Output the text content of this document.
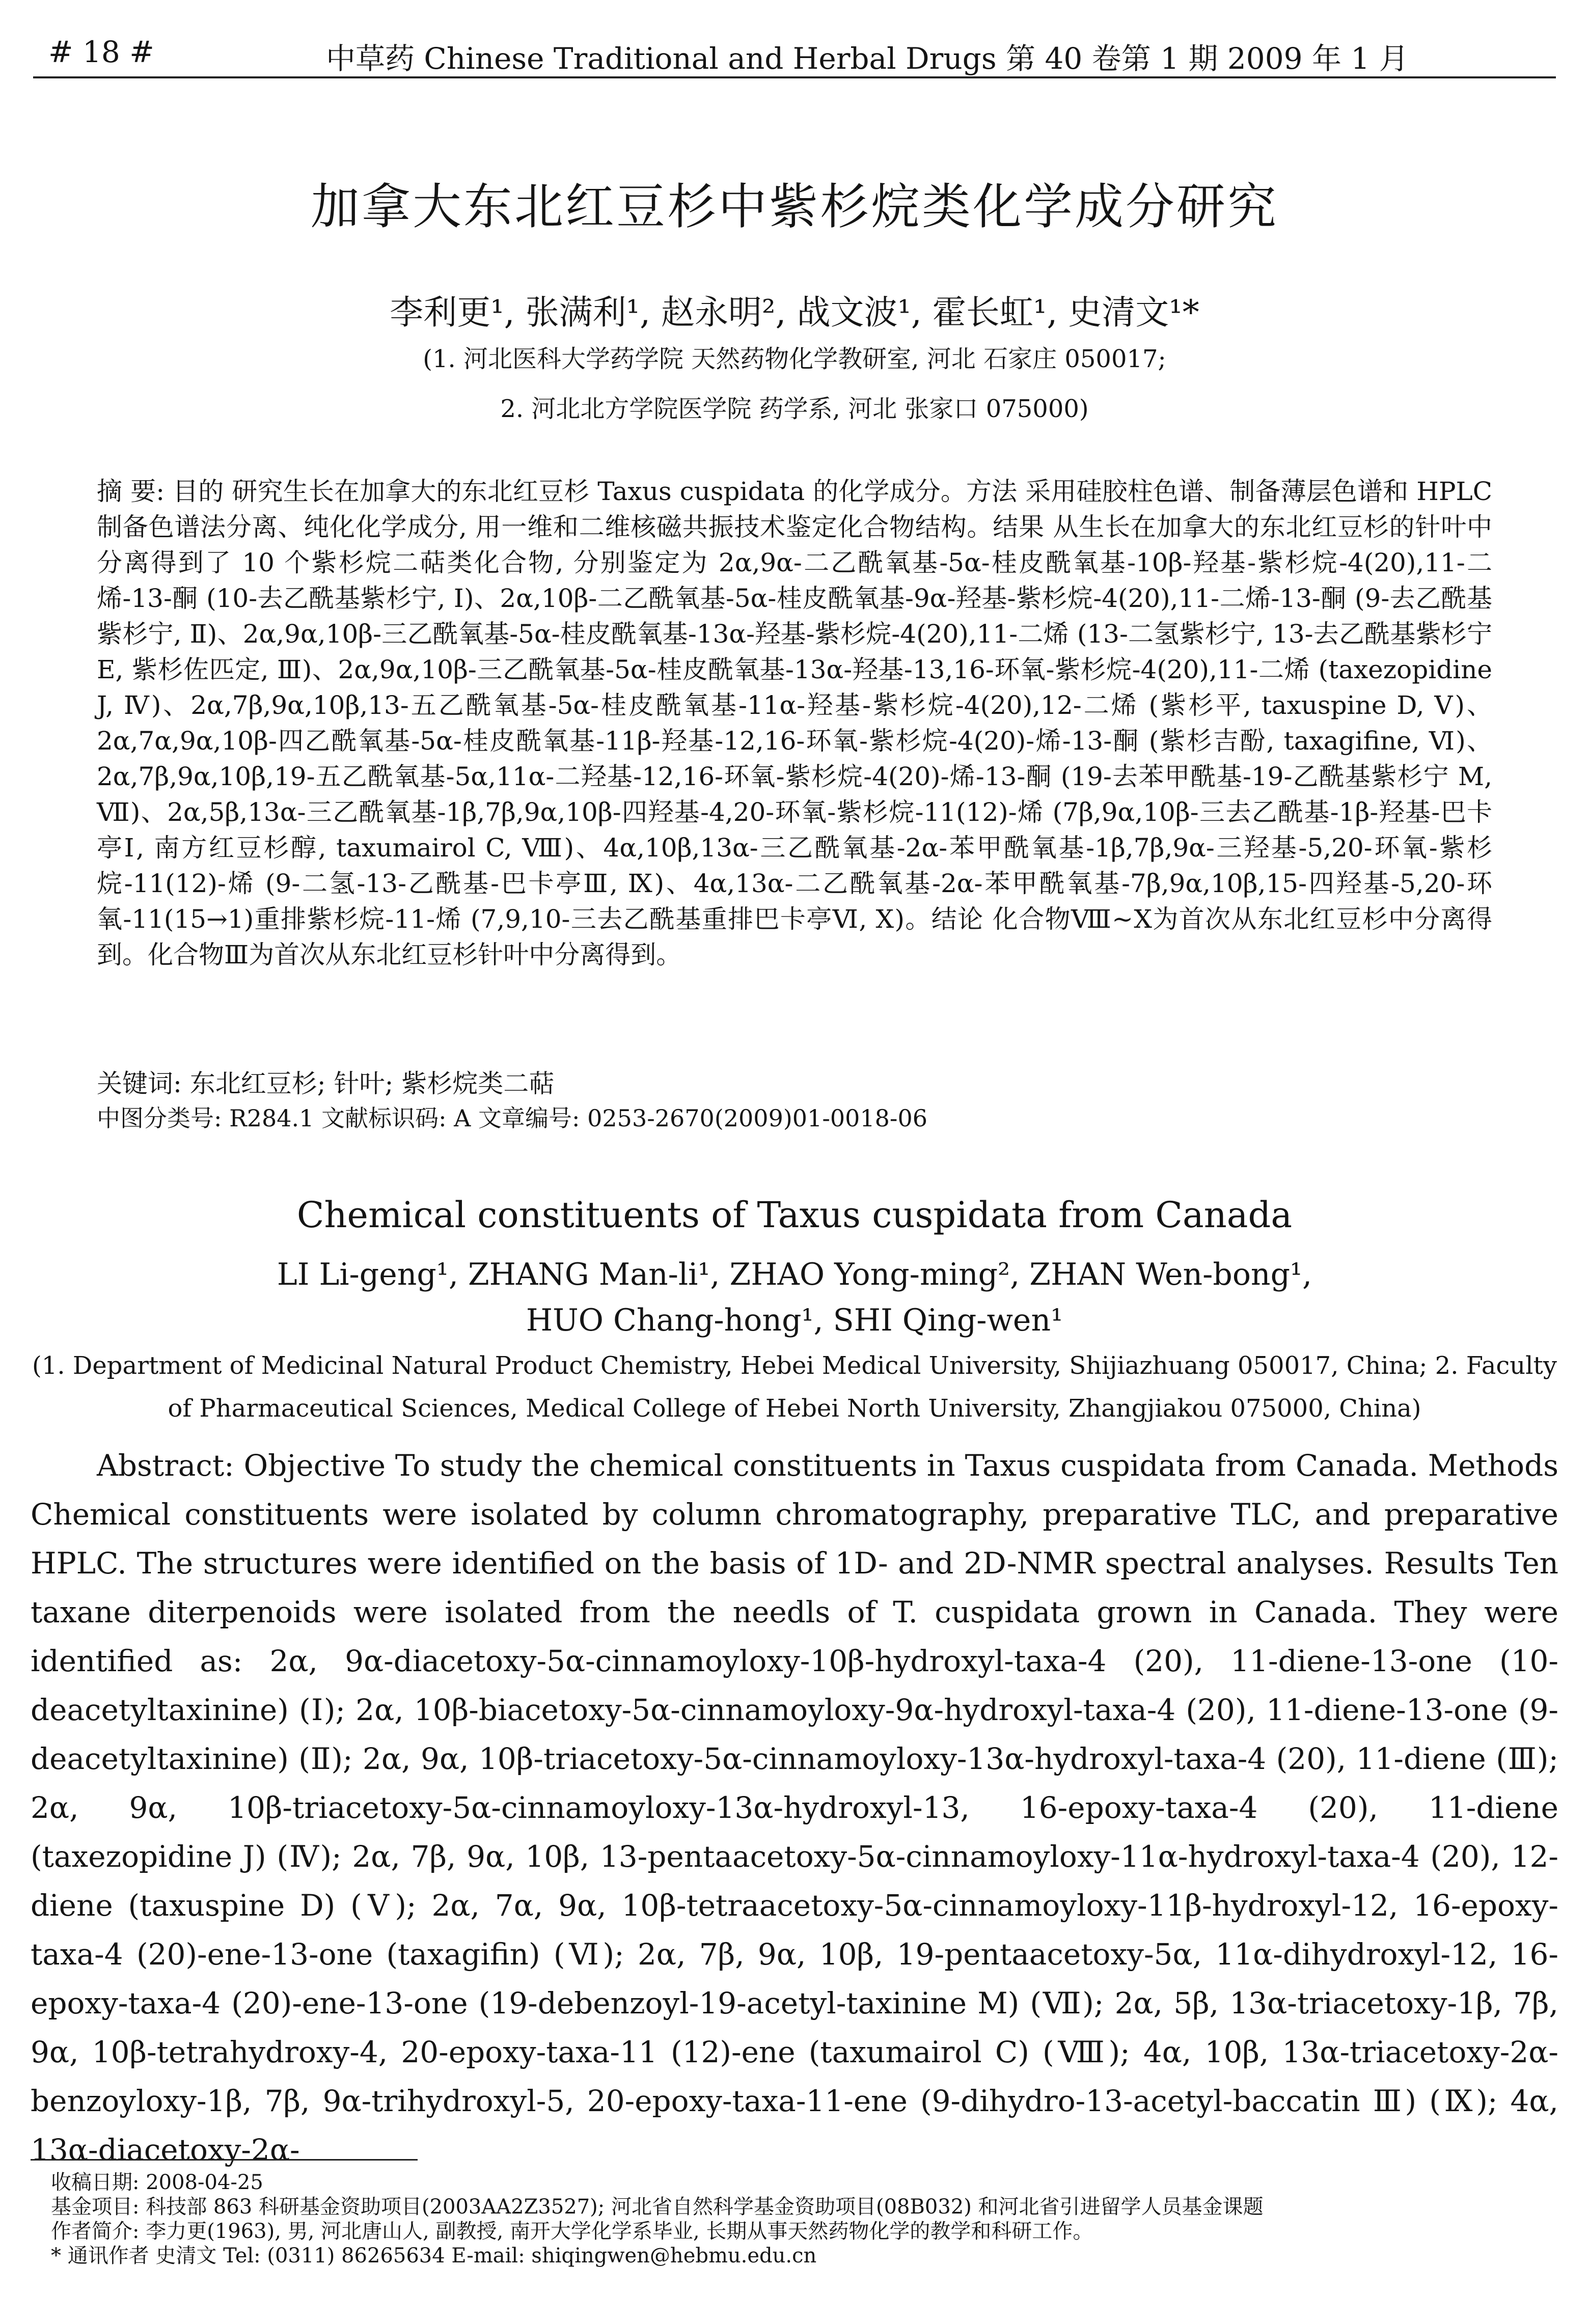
# 18 #	中草药 Chinese Traditional and Herbal Drugs 第 40 卷第 1 期 2009 年 1 月
加拿大东北红豆杉中紫杉烷类化学成分研究
李利更¹, 张满利¹, 赵永明², 战文波¹, 霍长虹¹, 史清文¹*
(1. 河北医科大学药学院 天然药物化学教研室, 河北 石家庄 050017;
2. 河北北方学院医学院 药学系, 河北 张家口 075000)
摘 要: 目的 研究生长在加拿大的东北红豆杉 Taxus cuspidata 的化学成分。方法 采用硅胶柱色谱、制备薄层色谱和 HPLC 制备色谱法分离、纯化化学成分, 用一维和二维核磁共振技术鉴定化合物结构。结果 从生长在加拿大的东北红豆杉的针叶中分离得到了 10 个紫杉烷二萜类化合物, 分别鉴定为 2α,9α-二乙酰氧基-5α-桂皮酰氧基-10β-羟基-紫杉烷-4(20),11-二烯-13-酮 (10-去乙酰基紫杉宁, Ⅰ)、2α,10β-二乙酰氧基-5α-桂皮酰氧基-9α-羟基-紫杉烷-4(20),11-二烯-13-酮 (9-去乙酰基紫杉宁, Ⅱ)、2α,9α,10β-三乙酰氧基-5α-桂皮酰氧基-13α-羟基-紫杉烷-4(20),11-二烯 (13-二氢紫杉宁, 13-去乙酰基紫杉宁 E, 紫杉佐匹定, Ⅲ)、2α,9α,10β-三乙酰氧基-5α-桂皮酰氧基-13α-羟基-13,16-环氧-紫杉烷-4(20),11-二烯 (taxezopidine J, Ⅳ)、2α,7β,9α,10β,13-五乙酰氧基-5α-桂皮酰氧基-11α-羟基-紫杉烷-4(20),12-二烯 (紫杉平, taxuspine D, Ⅴ)、2α,7α,9α,10β-四乙酰氧基-5α-桂皮酰氧基-11β-羟基-12,16-环氧-紫杉烷-4(20)-烯-13-酮 (紫杉吉酚, taxagifine, Ⅵ)、2α,7β,9α,10β,19-五乙酰氧基-5α,11α-二羟基-12,16-环氧-紫杉烷-4(20)-烯-13-酮 (19-去苯甲酰基-19-乙酰基紫杉宁 M, Ⅶ)、2α,5β,13α-三乙酰氧基-1β,7β,9α,10β-四羟基-4,20-环氧-紫杉烷-11(12)-烯 (7β,9α,10β-三去乙酰基-1β-羟基-巴卡亭Ⅰ, 南方红豆杉醇, taxumairol C, Ⅷ)、4α,10β,13α-三乙酰氧基-2α-苯甲酰氧基-1β,7β,9α-三羟基-5,20-环氧-紫杉烷-11(12)-烯 (9-二氢-13-乙酰基-巴卡亭Ⅲ, Ⅸ)、4α,13α-二乙酰氧基-2α-苯甲酰氧基-7β,9α,10β,15-四羟基-5,20-环氧-11(15→1)重排紫杉烷-11-烯 (7,9,10-三去乙酰基重排巴卡亭Ⅵ, Ⅹ)。结论 化合物Ⅷ~Ⅹ为首次从东北红豆杉中分离得到。化合物Ⅲ为首次从东北红豆杉针叶中分离得到。
关键词: 东北红豆杉; 针叶; 紫杉烷类二萜
中图分类号: R284.1 文献标识码: A 文章编号: 0253-2670(2009)01-0018-06
Chemical constituents of Taxus cuspidata from Canada
LI Li-geng¹, ZHANG Man-li¹, ZHAO Yong-ming², ZHAN Wen-bong¹,
HUO Chang-hong¹, SHI Qing-wen¹
(1. Department of Medicinal Natural Product Chemistry, Hebei Medical University, Shijiazhuang 050017, China; 2. Faculty of Pharmaceutical Sciences, Medical College of Hebei North University, Zhangjiakou 075000, China)
Abstract: Objective To study the chemical constituents in Taxus cuspidata from Canada. Methods Chemical constituents were isolated by column chromatography, preparative TLC, and preparative HPLC. The structures were identified on the basis of 1D- and 2D-NMR spectral analyses. Results Ten taxane diterpenoids were isolated from the needls of T. cuspidata grown in Canada. They were identified as: 2α, 9α-diacetoxy-5α-cinnamoyloxy-10β-hydroxyl-taxa-4 (20), 11-diene-13-one (10-deacetyltaxinine) (Ⅰ); 2α, 10β-biacetoxy-5α-cinnamoyloxy-9α-hydroxyl-taxa-4 (20), 11-diene-13-one (9-deacetyltaxinine) (Ⅱ); 2α, 9α, 10β-triacetoxy-5α-cinnamoyloxy-13α-hydroxyl-taxa-4 (20), 11-diene (Ⅲ); 2α, 9α, 10β-triacetoxy-5α-cinnamoyloxy-13α-hydroxyl-13, 16-epoxy-taxa-4 (20), 11-diene (taxezopidine J) (Ⅳ); 2α, 7β, 9α, 10β, 13-pentaacetoxy-5α-cinnamoyloxy-11α-hydroxyl-taxa-4 (20), 12-diene (taxuspine D) (Ⅴ); 2α, 7α, 9α, 10β-tetraacetoxy-5α-cinnamoyloxy-11β-hydroxyl-12, 16-epoxy-taxa-4 (20)-ene-13-one (taxagifin) (Ⅵ); 2α, 7β, 9α, 10β, 19-pentaacetoxy-5α, 11α-dihydroxyl-12, 16-epoxy-taxa-4 (20)-ene-13-one (19-debenzoyl-19-acetyl-taxinine M) (Ⅶ); 2α, 5β, 13α-triacetoxy-1β, 7β, 9α, 10β-tetrahydroxy-4, 20-epoxy-taxa-11 (12)-ene (taxumairol C) (Ⅷ); 4α, 10β, 13α-triacetoxy-2α-benzoyloxy-1β, 7β, 9α-trihydroxyl-5, 20-epoxy-taxa-11-ene (9-dihydro-13-acetyl-baccatin Ⅲ) (Ⅸ); 4α, 13α-diacetoxy-2α-
收稿日期: 2008-04-25
基金项目: 科技部 863 科研基金资助项目(2003AA2Z3527); 河北省自然科学基金资助项目(08B032) 和河北省引进留学人员基金课题
作者简介: 李力更(1963), 男, 河北唐山人, 副教授, 南开大学化学系毕业, 长期从事天然药物化学的教学和科研工作。
* 通讯作者 史清文 Tel: (0311) 86265634 E-mail: shiqingwen@hebmu.edu.cn
